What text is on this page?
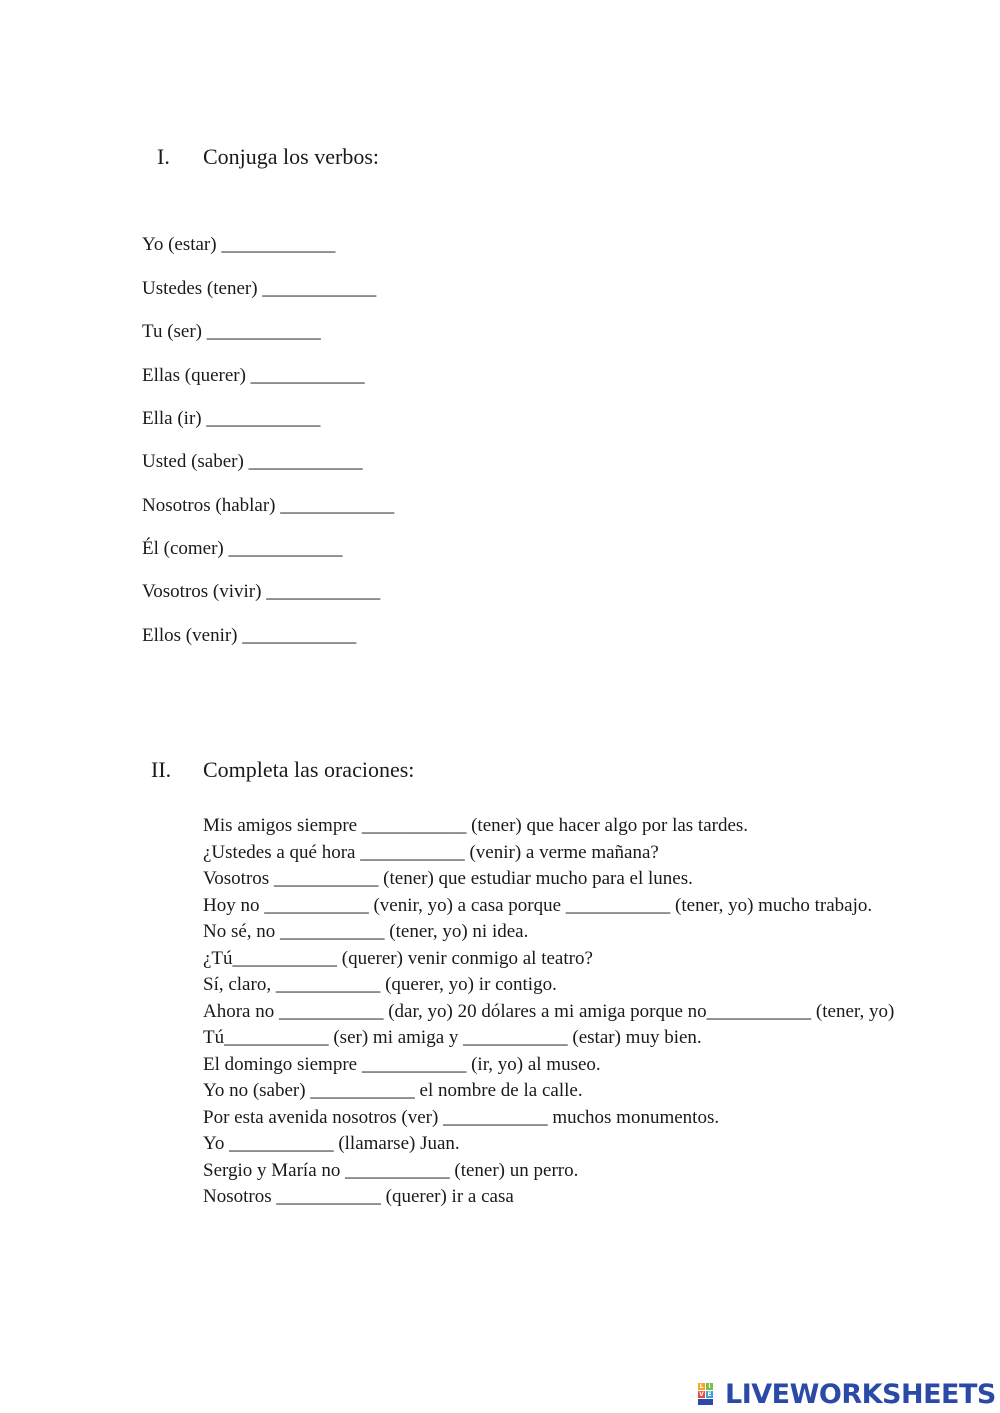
I. Conjuga los verbos:
Yo (estar) ____________
Ustedes (tener) ____________
Tu (ser) ____________
Ellas (querer) ____________
Ella (ir) ____________
Usted (saber) ____________
Nosotros (hablar) ____________
Él (comer) ____________
Vosotros (vivir) ____________
Ellos (venir) ____________
II. Completa las oraciones:
Mis amigos siempre ___________ (tener) que hacer algo por las tardes.
¿Ustedes a qué hora ___________ (venir) a verme mañana?
Vosotros ___________ (tener) que estudiar mucho para el lunes.
Hoy no ___________ (venir, yo) a casa porque ___________ (tener, yo) mucho trabajo.
No sé, no ___________ (tener, yo) ni idea.
¿Tú___________ (querer) venir conmigo al teatro?
Sí, claro, ___________ (querer, yo) ir contigo.
Ahora no ___________ (dar, yo) 20 dólares a mi amiga porque no___________ (tener, yo)
Tú___________ (ser) mi amiga y ___________ (estar) muy bien.
El domingo siempre ___________ (ir, yo) al museo.
Yo no (saber) ___________ el nombre de la calle.
Por esta avenida nosotros (ver) ___________ muchos monumentos.
Yo ___________ (llamarse) Juan.
Sergio y María no ___________ (tener) un perro.
Nosotros ___________ (querer) ir a casa
L I
V E LIVEWORKSHEETS
